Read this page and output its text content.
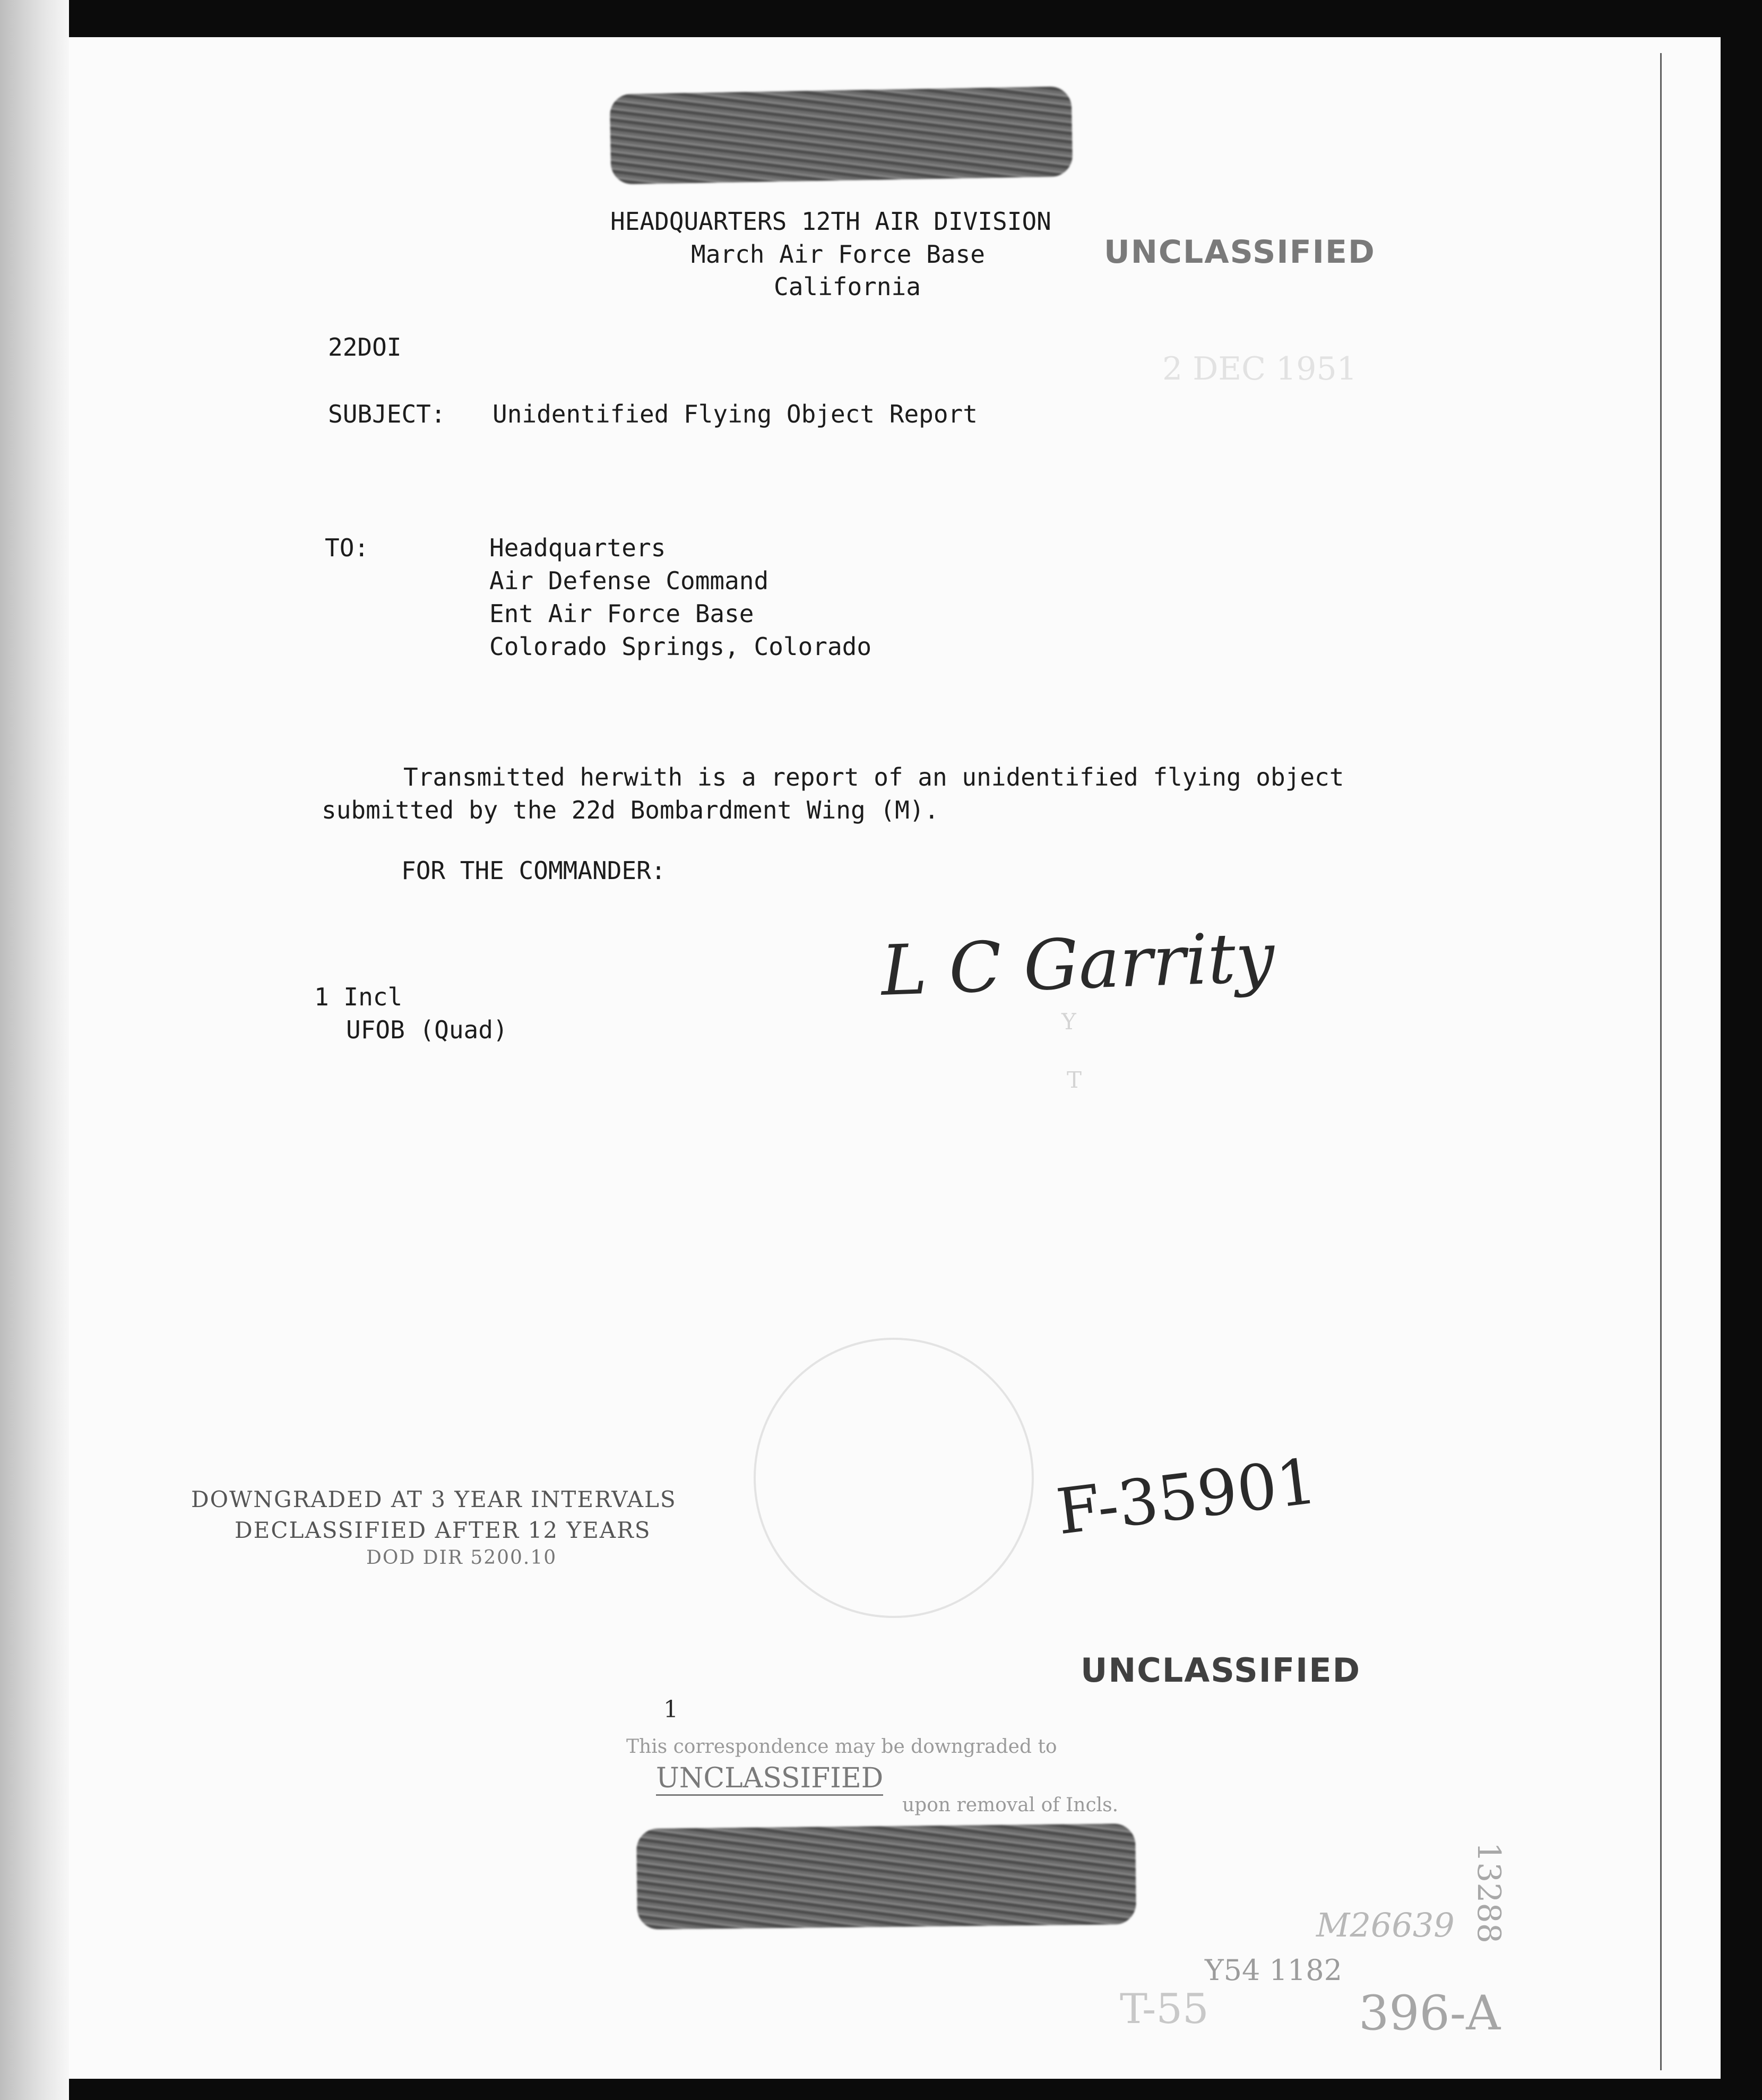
HEADQUARTERS 12TH AIR DIVISION
March Air Force Base
California
UNCLASSIFIED
2 DEC 1951
22DOI
SUBJECT: Unidentified Flying Object Report
TO:	Headquarters
Air Defense Command
Ent Air Force Base
Colorado Springs, Colorado
Transmitted herwith is a report of an unidentified flying object
submitted by the 22d Bombardment Wing (M).
FOR THE COMMANDER:
L C Garrity
Y
T
1 Incl
UFOB (Quad)
DOWNGRADED AT 3 YEAR INTERVALS
DECLASSIFIED AFTER 12 YEARS
DOD DIR 5200.10
F-35901
UNCLASSIFIED
1
This correspondence may be downgraded to
UNCLASSIFIED
upon removal of Incls.
M26639
Y54 1182
T-55	396-A
13288
